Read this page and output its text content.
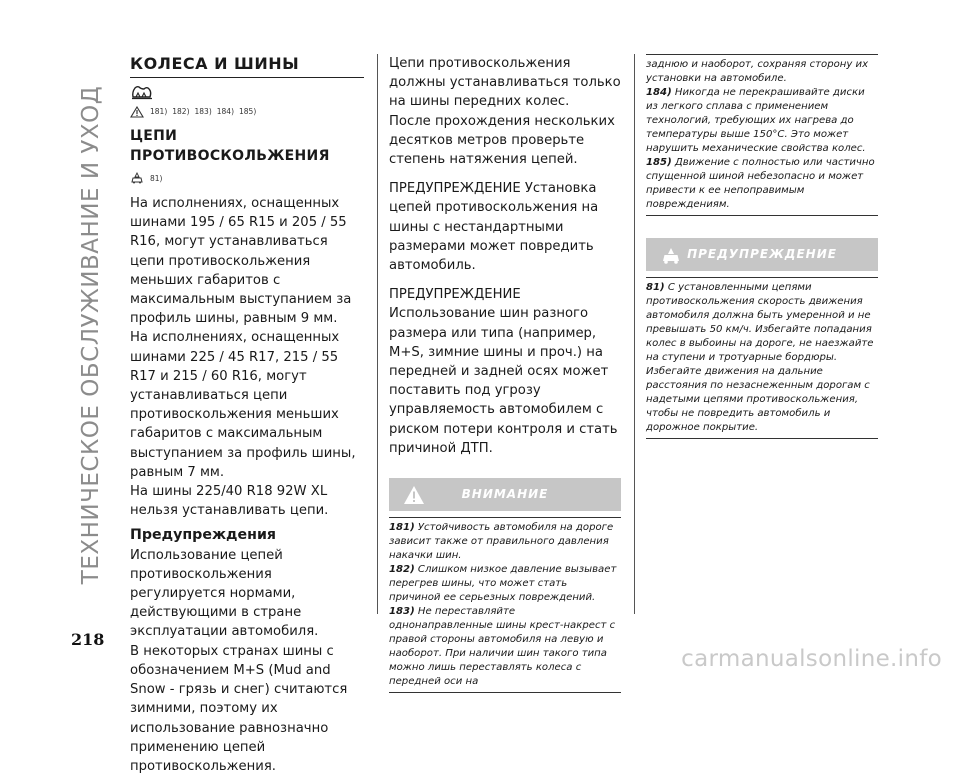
ТЕХНИЧЕСКОЕ ОБСЛУЖИВАНИЕ И УХОД
КОЛЕСА И ШИНЫ
181) 182) 183) 184) 185)
ЦЕПИ ПРОТИВОСКОЛЬЖЕНИЯ
81)

На исполнениях, оснащенных шинами 195 / 65 R15 и 205 / 55 R16, могут устанавливаться цепи противоскольжения меньших габаритов с максимальным выступанием за профиль шины, равным 9 мм.

На исполнениях, оснащенных шинами 225 / 45 R17, 215 / 55 R17 и 215 / 60 R16, могут устанавливаться цепи противоскольжения меньших габаритов с максимальным выступанием за профиль шины, равным 7 мм.

На шины 225/40 R18 92W XL нельзя устанавливать цепи.

Предупреждения

Использование цепей противоскольжения регулируется нормами, действующими в стране эксплуатации автомобиля.

В некоторых странах шины с обозначением M+S (Mud and Snow - грязь и снег) считаются зимними, поэтому их использование равнозначно применению цепей противоскольжения.

Цепи противоскольжения должны устанавливаться только на шины передних колес.

После прохождения нескольких десятков метров проверьте степень натяжения цепей.

ПРЕДУПРЕЖДЕНИЕ Установка цепей противоскольжения на шины с нестандартными размерами может повредить автомобиль.

ПРЕДУПРЕЖДЕНИЕ Использование шин разного размера или типа (например, M+S, зимние шины и проч.) на передней и задней осях может поставить под угрозу управляемость автомобилем с риском потери контроля и стать причиной ДТП.

ВНИМАНИЕ

181) Устойчивость автомобиля на дороге зависит также от правильного давления накачки шин.

182) Слишком низкое давление вызывает перегрев шины, что может стать причиной ее серьезных повреждений.

183) Не переставляйте однонаправленные шины крест-накрест с правой стороны автомобиля на левую и наоборот. При наличии шин такого типа можно лишь переставлять колеса с передней оси на

заднюю и наоборот, сохраняя сторону их установки на автомобиле.

184) Никогда не перекрашивайте диски из легкого сплава с применением технологий, требующих их нагрева до температуры выше 150°C. Это может нарушить механические свойства колес.

185) Движение с полностью или частично спущенной шиной небезопасно и может привести к ее непоправимым повреждениям.

ПРЕДУПРЕЖДЕНИЕ

81) С установленными цепями противоскольжения скорость движения автомобиля должна быть умеренной и не превышать 50 км/ч. Избегайте попадания колес в выбоины на дороге, не наезжайте на ступени и тротуарные бордюры. Избегайте движения на дальние расстояния по незаснеженным дорогам с надетыми цепями противоскольжения, чтобы не повредить автомобиль и дорожное покрытие.

218
carmanualsonline.info
